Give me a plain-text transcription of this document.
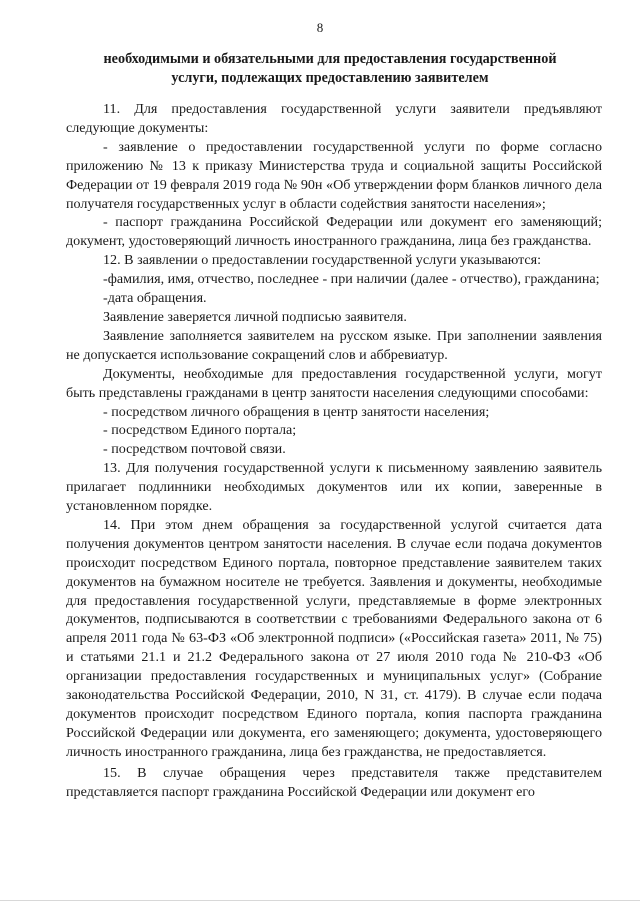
8
необходимыми и обязательными для предоставления государственной
услуги, подлежащих предоставлению заявителем

11. Для предоставления государственной услуги заявители предъявляют следующие документы:

- заявление о предоставлении государственной услуги по форме согласно приложению № 13 к приказу Министерства труда и социальной защиты Российской Федерации от 19 февраля 2019 года № 90н «Об утверждении форм бланков личного дела получателя государственных услуг в области содействия занятости населения»;

- паспорт гражданина Российской Федерации или документ его заменяющий; документ, удостоверяющий личность иностранного гражданина, лица без гражданства.

12. В заявлении о предоставлении государственной услуги указываются:

-фамилия, имя, отчество, последнее - при наличии (далее - отчество), гражданина;

-дата обращения.

Заявление заверяется личной подписью заявителя.

Заявление заполняется заявителем на русском языке. При заполнении заявления не допускается использование сокращений слов и аббревиатур.

Документы, необходимые для предоставления государственной услуги, могут быть представлены гражданами в центр занятости населения следующими способами:

- посредством личного обращения в центр занятости населения;

- посредством Единого портала;

- посредством почтовой связи.

13. Для получения государственной услуги к письменному заявлению заявитель прилагает подлинники необходимых документов или их копии, заверенные в установленном порядке.

14. При этом днем обращения за государственной услугой считается дата получения документов центром занятости населения. В случае если подача документов происходит посредством Единого портала, повторное представление заявителем таких документов на бумажном носителе не требуется. Заявления и документы, необходимые для предоставления государственной услуги, представляемые в форме электронных документов, подписываются в соответствии с требованиями Федерального закона от 6 апреля 2011 года № 63-ФЗ «Об электронной подписи» («Российская газета» 2011, № 75) и статьями 21.1 и 21.2 Федерального закона от 27 июля 2010 года № 210-ФЗ «Об организации предоставления государственных и муниципальных услуг» (Собрание законодательства Российской Федерации, 2010, N 31, ст. 4179). В случае если подача документов происходит посредством Единого портала, копия паспорта гражданина Российской Федерации или документа, его заменяющего; документа, удостоверяющего личность иностранного гражданина, лица без гражданства, не предоставляется.

15. В случае обращения через представителя также представителем представляется паспорт гражданина Российской Федерации или документ его
